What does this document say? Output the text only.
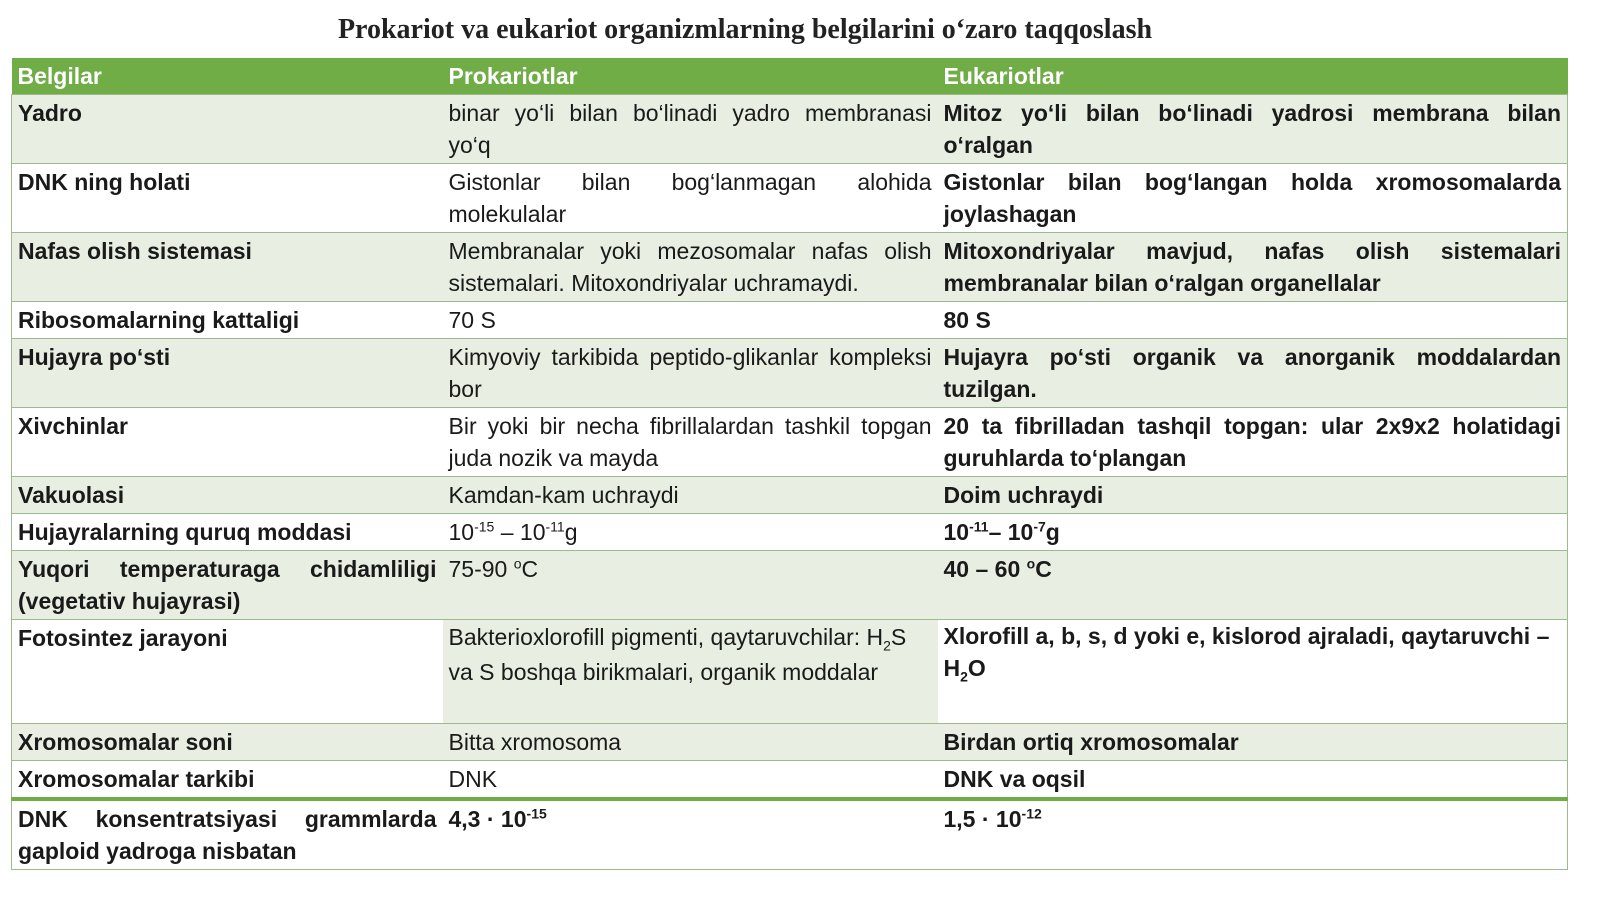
Prokariot va eukariot organizmlarning belgilarini o‘zaro taqqoslash
Belgilar	Prokariotlar	Eukariotlar
Yadro	binar yo‘li bilan bo‘linadi yadro membranasi yo‘q	Mitoz yo‘li bilan bo‘linadi yadrosi membrana bilan o‘ralgan
DNK ning holati	Gistonlar bilan bog‘lanmagan alohida molekulalar	Gistonlar bilan bog‘langan holda xromosomalarda joylashagan
Nafas olish sistemasi	Membranalar yoki mezosomalar nafas olish sistemalari. Mitoxondriyalar uchramaydi.	Mitoxondriyalar mavjud, nafas olish sistemalari membranalar bilan o‘ralgan organellalar
Ribosomalarning kattaligi	70 S	80 S
Hujayra po‘sti	Kimyoviy tarkibida peptido-glikanlar kompleksi bor	Hujayra po‘sti organik va anorganik moddalardan tuzilgan.
Xivchinlar	Bir yoki bir necha fibrillalardan tashkil topgan juda nozik va mayda	20 ta fibrilladan tashqil topgan: ular 2x9x2 holatidagi guruhlarda to‘plangan
Vakuolasi	Kamdan-kam uchraydi	Doim uchraydi
Hujayralarning quruq moddasi	$10^{-15} - 10^{-11}g$	$10^{-11}-$ $10^{-7}g$
Yuqori temperaturaga chidamliligi (vegetativ hujayrasi)	75-90 $^o$C	40 – 60 $^o$C
Fotosintez jarayoni	Bakterioxlorofill pigmenti, qaytaruvchilar: $H_2S$ va S boshqa birikmalari, organik moddalar	Xlorofill a, b, s, d yoki e, kislorod ajraladi, qaytaruvchi – $H_2O$
Xromosomalar soni	Bitta xromosoma	Birdan ortiq xromosomalar
Xromosomalar tarkibi	DNK	DNK va oqsil
DNK konsentratsiyasi grammlarda gaploid yadroga nisbatan	$4,3 \cdot 10^{-15}$	$1,5 \cdot 10^{-12}$
